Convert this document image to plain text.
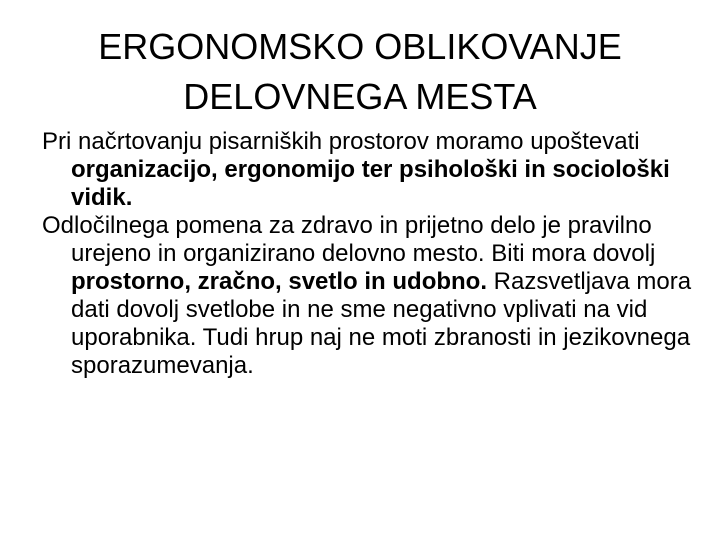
ERGONOMSKO OBLIKOVANJE
DELOVNEGA MESTA

Pri načrtovanju pisarniških prostorov moramo upoštevati organizacijo, ergonomijo ter psihološki in sociološki vidik.

Odločilnega pomena za zdravo in prijetno delo je pravilno urejeno in organizirano delovno mesto. Biti mora dovolj prostorno, zračno, svetlo in udobno. Razsvetljava mora dati dovolj svetlobe in ne sme negativno vplivati na vid uporabnika. Tudi hrup naj ne moti zbranosti in jezikovnega sporazumevanja.
